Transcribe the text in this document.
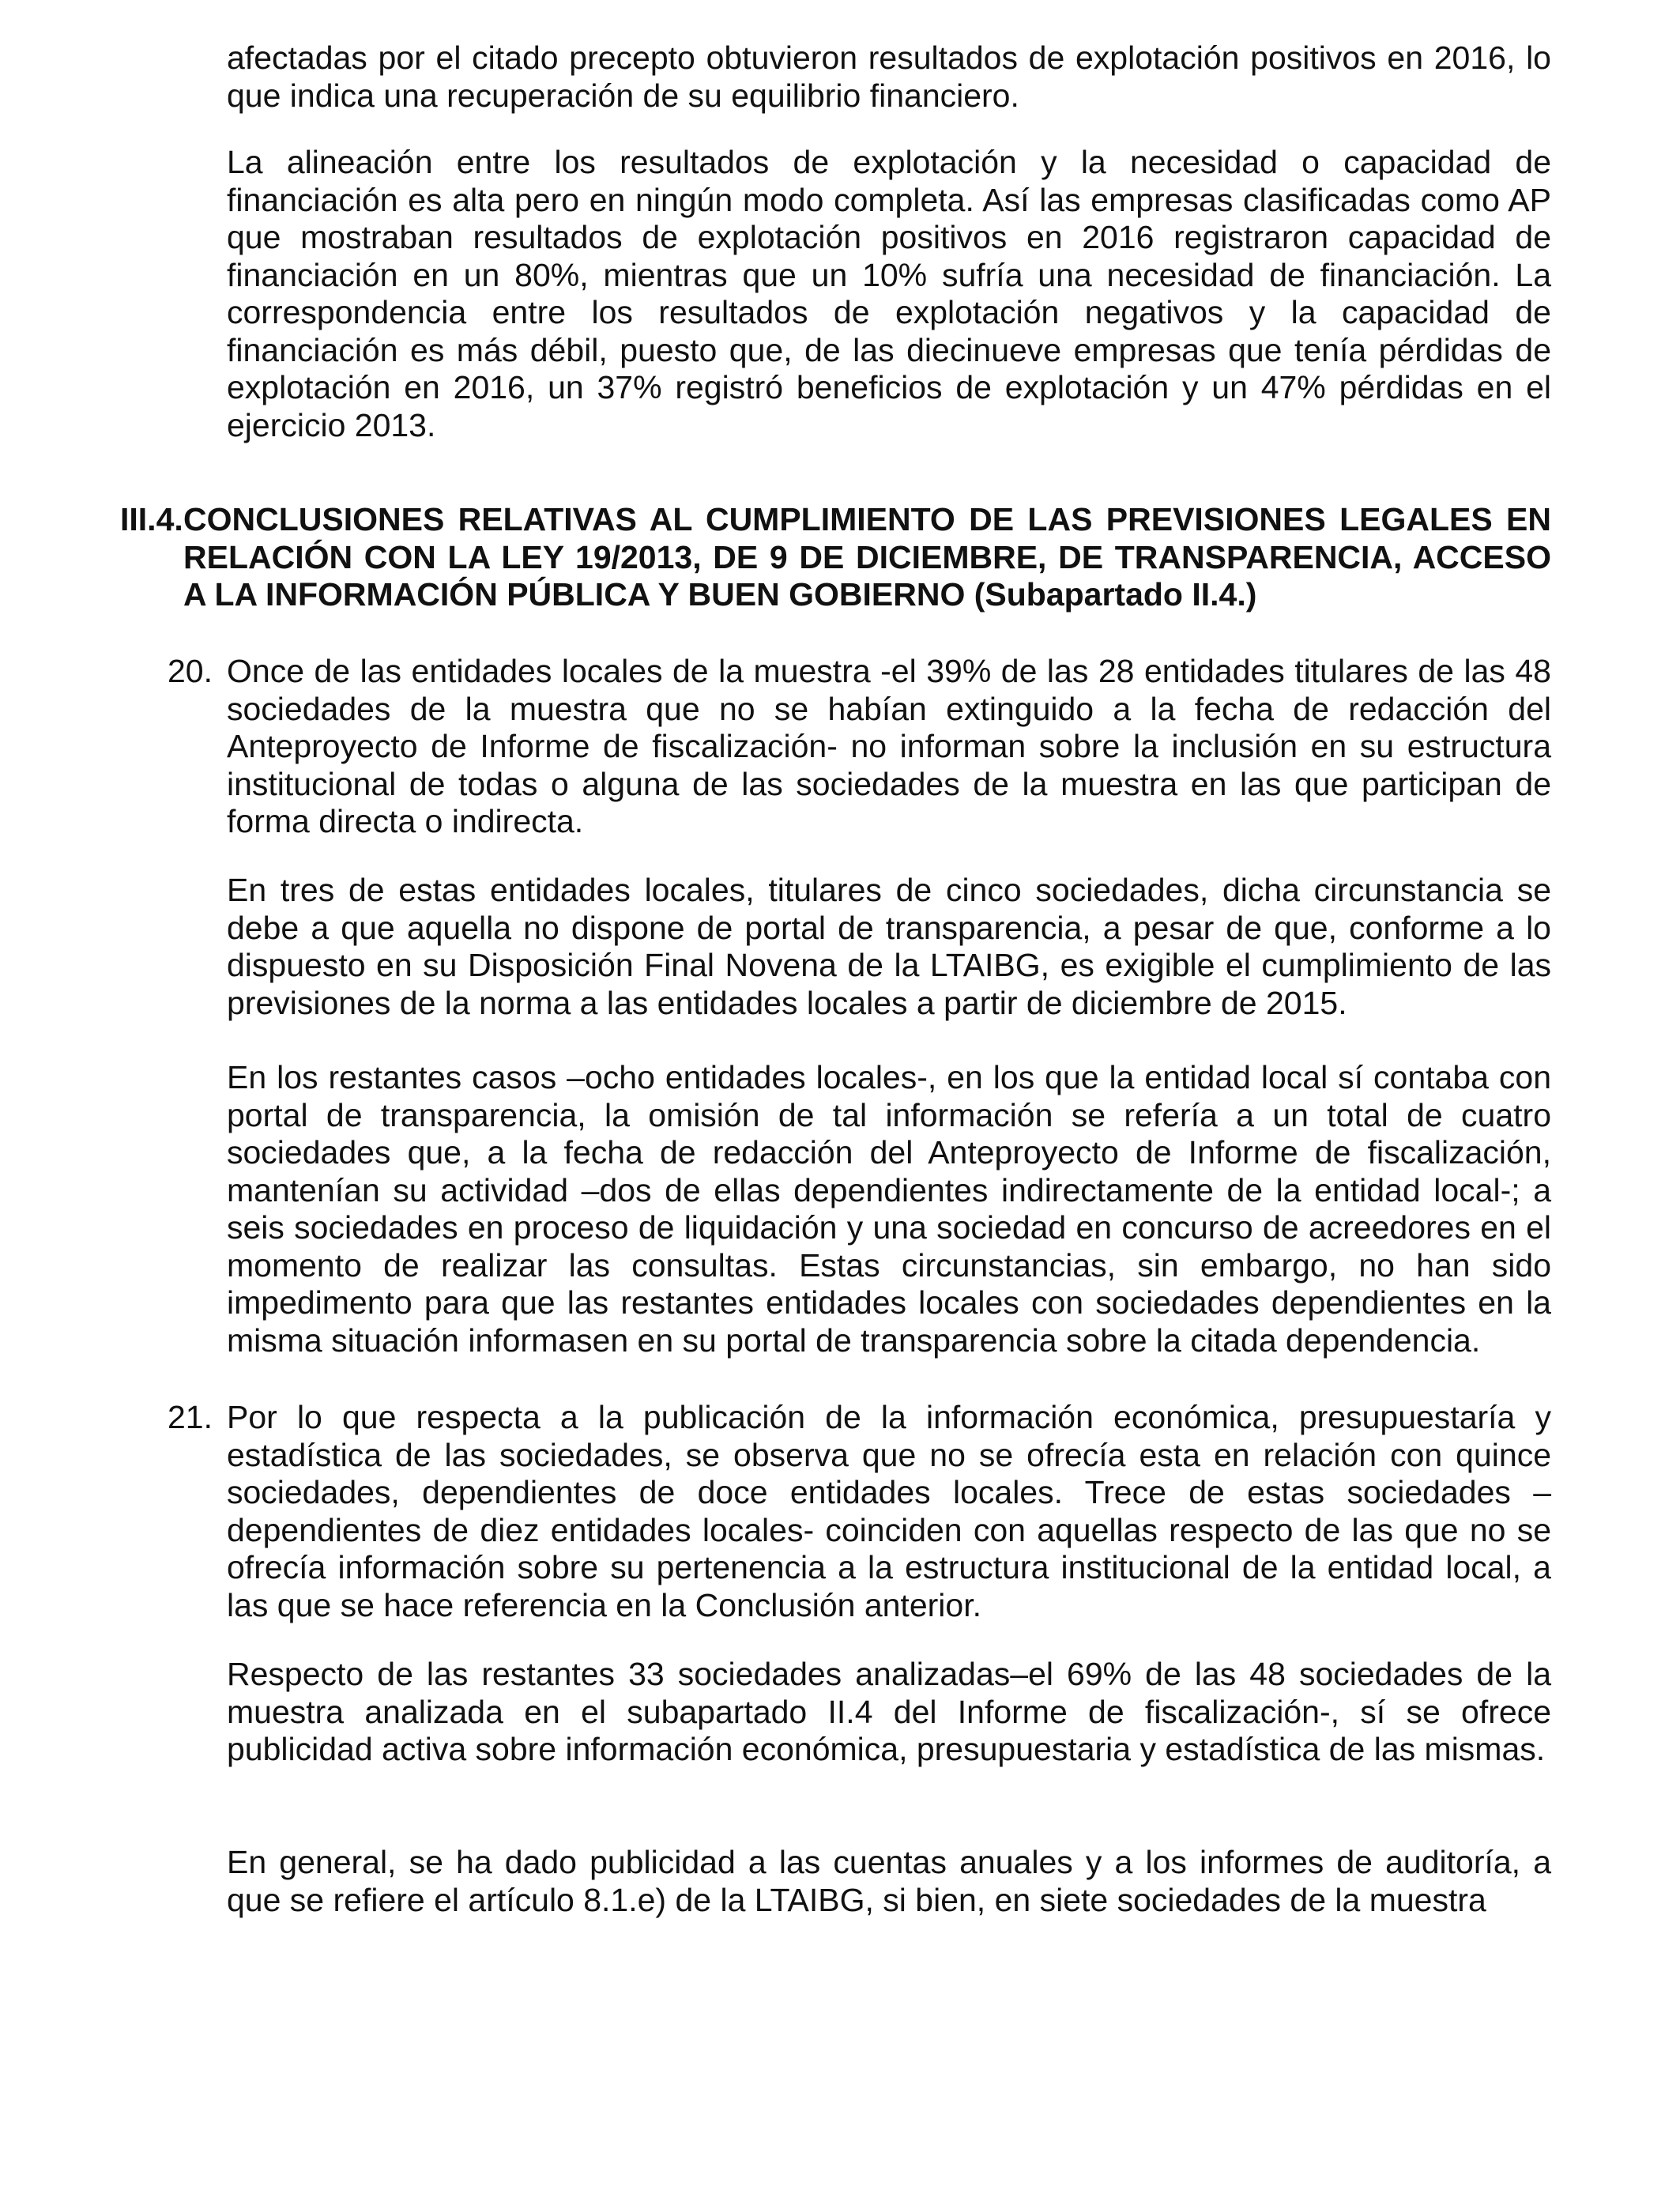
afectadas por el citado precepto obtuvieron resultados de explotación positivos en 2016, lo que indica una recuperación de su equilibrio financiero.

La alineación entre los resultados de explotación y la necesidad o capacidad de financiación es alta pero en ningún modo completa. Así las empresas clasificadas como AP que mostraban resultados de explotación positivos en 2016 registraron capacidad de financiación en un 80%, mientras que un 10% sufría una necesidad de financiación. La correspondencia entre los resultados de explotación negativos y la capacidad de financiación es más débil, puesto que, de las diecinueve empresas que tenía pérdidas de explotación en 2016, un 37% registró beneficios de explotación y un 47% pérdidas en el ejercicio 2013.

III.4. CONCLUSIONES RELATIVAS AL CUMPLIMIENTO DE LAS PREVISIONES LEGALES EN RELACIÓN CON LA LEY 19/2013, DE 9 DE DICIEMBRE, DE TRANSPARENCIA, ACCESO A LA INFORMACIÓN PÚBLICA Y BUEN GOBIERNO (Subapartado II.4.)
20. Once de las entidades locales de la muestra -el 39% de las 28 entidades titulares de las 48 sociedades de la muestra que no se habían extinguido a la fecha de redacción del Anteproyecto de Informe de fiscalización- no informan sobre la inclusión en su estructura institucional de todas o alguna de las sociedades de la muestra en las que participan de forma directa o indirecta.

En tres de estas entidades locales, titulares de cinco sociedades, dicha circunstancia se debe a que aquella no dispone de portal de transparencia, a pesar de que, conforme a lo dispuesto en su Disposición Final Novena de la LTAIBG, es exigible el cumplimiento de las previsiones de la norma a las entidades locales a partir de diciembre de 2015.

En los restantes casos –ocho entidades locales-, en los que la entidad local sí contaba con portal de transparencia, la omisión de tal información se refería a un total de cuatro sociedades que, a la fecha de redacción del Anteproyecto de Informe de fiscalización, mantenían su actividad –dos de ellas dependientes indirectamente de la entidad local-; a seis sociedades en proceso de liquidación y una sociedad en concurso de acreedores en el momento de realizar las consultas. Estas circunstancias, sin embargo, no han sido impedimento para que las restantes entidades locales con sociedades dependientes en la misma situación informasen en su portal de transparencia sobre la citada dependencia.

21. Por lo que respecta a la publicación de la información económica, presupuestaría y estadística de las sociedades, se observa que no se ofrecía esta en relación con quince sociedades, dependientes de doce entidades locales. Trece de estas sociedades –dependientes de diez entidades locales- coinciden con aquellas respecto de las que no se ofrecía información sobre su pertenencia a la estructura institucional de la entidad local, a las que se hace referencia en la Conclusión anterior.

Respecto de las restantes 33 sociedades analizadas–el 69% de las 48 sociedades de la muestra analizada en el subapartado II.4 del Informe de fiscalización-, sí se ofrece publicidad activa sobre información económica, presupuestaria y estadística de las mismas.

En general, se ha dado publicidad a las cuentas anuales y a los informes de auditoría, a que se refiere el artículo 8.1.e) de la LTAIBG, si bien, en siete sociedades de la muestra
